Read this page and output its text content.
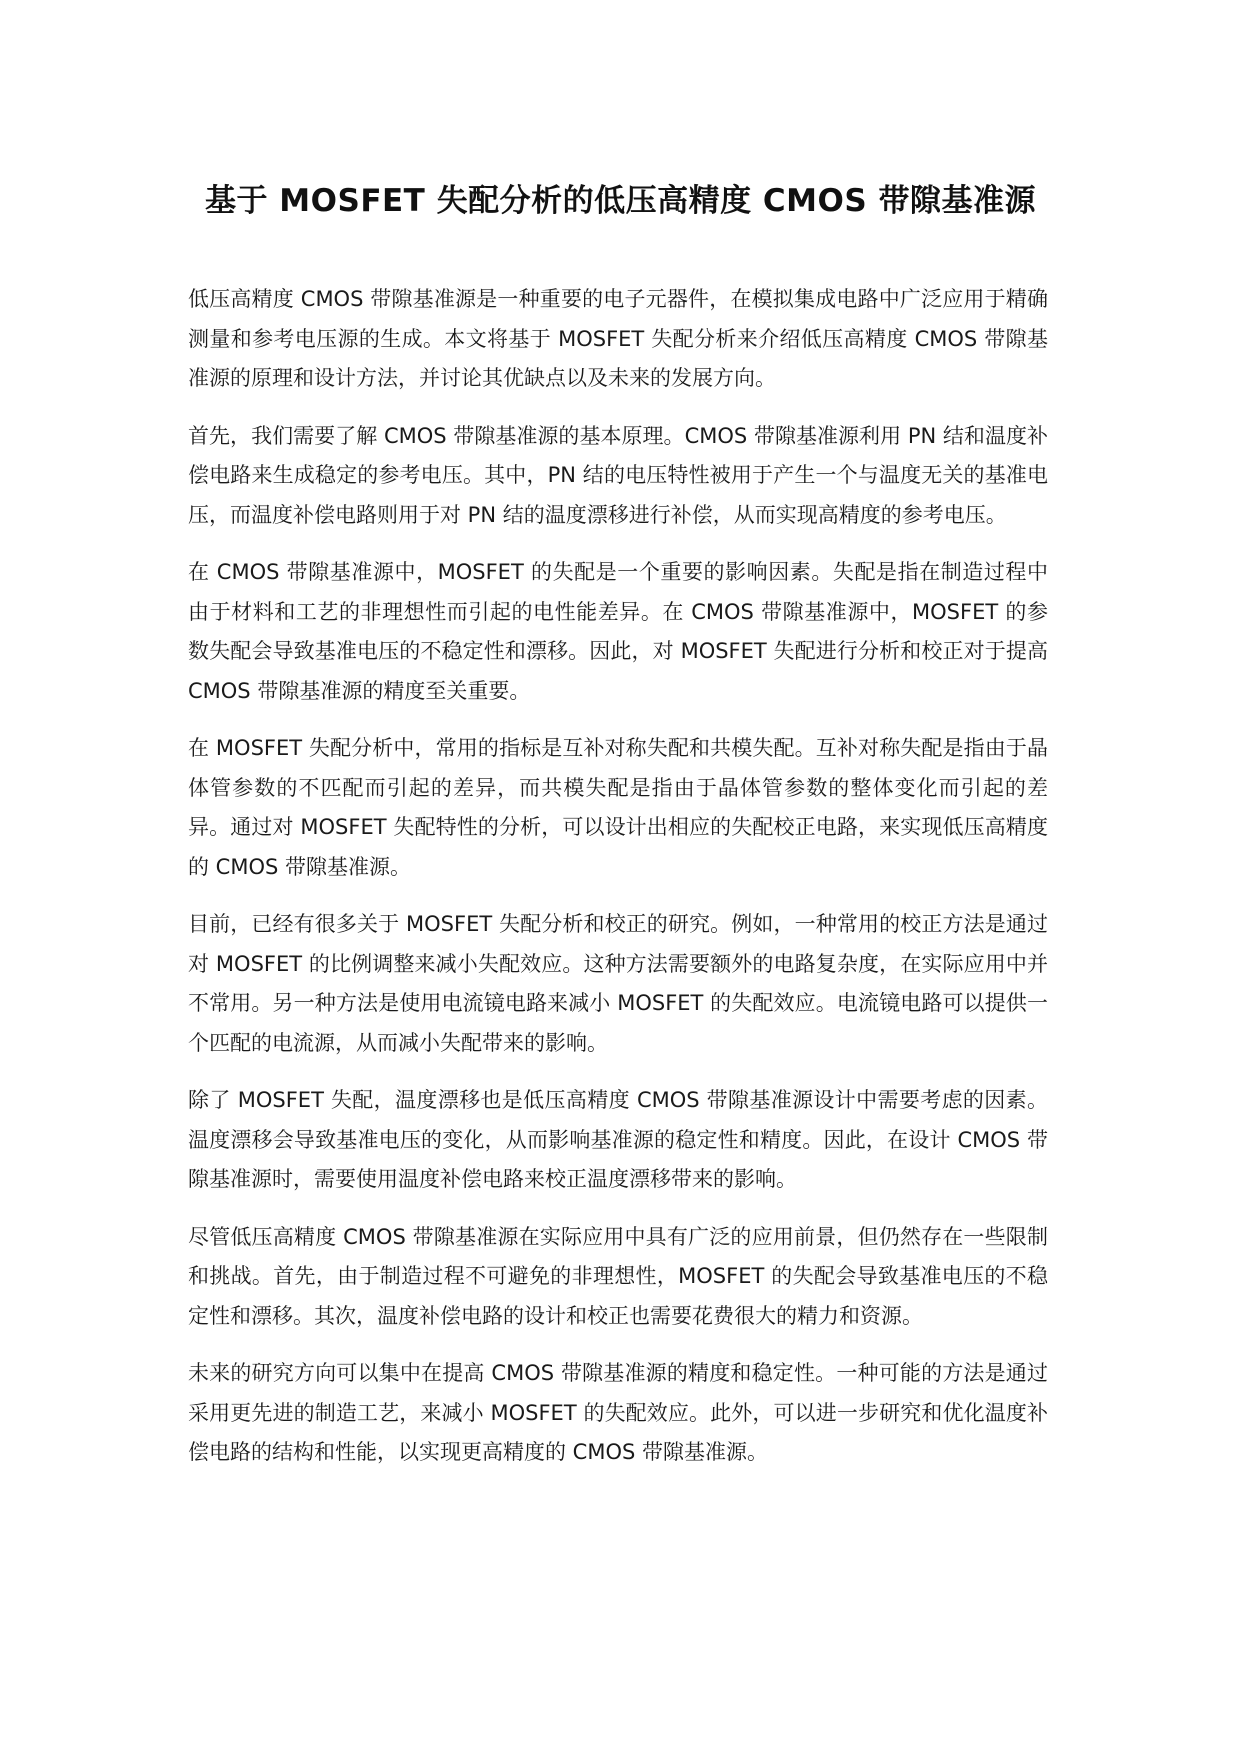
基于 MOSFET 失配分析的低压高精度 CMOS 带隙基准源

低压高精度 CMOS 带隙基准源是一种重要的电子元器件，在模拟集成电路中广泛应用于精确测量和参考电压源的生成。本文将基于 MOSFET 失配分析来介绍低压高精度 CMOS 带隙基准源的原理和设计方法，并讨论其优缺点以及未来的发展方向。

首先，我们需要了解 CMOS 带隙基准源的基本原理。CMOS 带隙基准源利用 PN 结和温度补偿电路来生成稳定的参考电压。其中，PN 结的电压特性被用于产生一个与温度无关的基准电压，而温度补偿电路则用于对 PN 结的温度漂移进行补偿，从而实现高精度的参考电压。

在 CMOS 带隙基准源中，MOSFET 的失配是一个重要的影响因素。失配是指在制造过程中由于材料和工艺的非理想性而引起的电性能差异。在 CMOS 带隙基准源中，MOSFET 的参数失配会导致基准电压的不稳定性和漂移。因此，对 MOSFET 失配进行分析和校正对于提高 CMOS 带隙基准源的精度至关重要。

在 MOSFET 失配分析中，常用的指标是互补对称失配和共模失配。互补对称失配是指由于晶体管参数的不匹配而引起的差异，而共模失配是指由于晶体管参数的整体变化而引起的差异。通过对 MOSFET 失配特性的分析，可以设计出相应的失配校正电路，来实现低压高精度的 CMOS 带隙基准源。

目前，已经有很多关于 MOSFET 失配分析和校正的研究。例如，一种常用的校正方法是通过对 MOSFET 的比例调整来减小失配效应。这种方法需要额外的电路复杂度，在实际应用中并不常用。另一种方法是使用电流镜电路来减小 MOSFET 的失配效应。电流镜电路可以提供一个匹配的电流源，从而减小失配带来的影响。

除了 MOSFET 失配，温度漂移也是低压高精度 CMOS 带隙基准源设计中需要考虑的因素。温度漂移会导致基准电压的变化，从而影响基准源的稳定性和精度。因此，在设计 CMOS 带隙基准源时，需要使用温度补偿电路来校正温度漂移带来的影响。

尽管低压高精度 CMOS 带隙基准源在实际应用中具有广泛的应用前景，但仍然存在一些限制和挑战。首先，由于制造过程不可避免的非理想性，MOSFET 的失配会导致基准电压的不稳定性和漂移。其次，温度补偿电路的设计和校正也需要花费很大的精力和资源。

未来的研究方向可以集中在提高 CMOS 带隙基准源的精度和稳定性。一种可能的方法是通过采用更先进的制造工艺，来减小 MOSFET 的失配效应。此外，可以进一步研究和优化温度补偿电路的结构和性能，以实现更高精度的 CMOS 带隙基准源。
